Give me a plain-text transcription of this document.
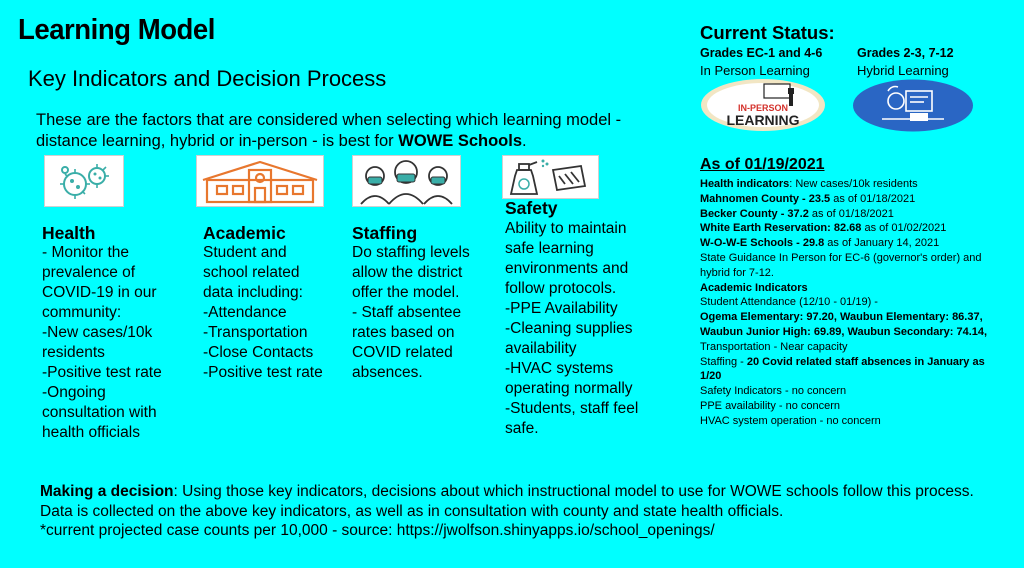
Learning Model
Key Indicators and Decision Process
These are the factors that are considered when selecting which learning model - distance learning, hybrid or in-person - is best for WOWE Schools.
Health
- Monitor the
prevalence of
COVID-19 in our
community:
-New cases/10k
residents
-Positive test rate
-Ongoing
consultation with
health officials
Academic
Student and
school related
data including:
-Attendance
-Transportation
-Close Contacts
-Positive test rate
Staffing
Do staffing levels
allow the district
offer the model.
- Staff absentee
rates based on
COVID related
absences.
Safety
Ability to maintain
safe learning
environments and
follow protocols.
-PPE Availability
-Cleaning supplies
availability
-HVAC systems
operating normally
-Students, staff feel
safe.
Making a decision: Using those key indicators, decisions about which instructional model to use for WOWE schools follow this process. Data is collected on the above key indicators, as well as in consultation with county and state health officials.
*current projected case counts per 10,000 - source: https://jwolfson.shinyapps.io/school_openings/
Current Status:
Grades EC-1 and 4-6
In Person Learning
Grades 2-3, 7-12
Hybrid Learning
IN-PERSON
LEARNING
As of 01/19/2021
Health indicators: New cases/10k residents
Mahnomen County - 23.5 as of 01/18/2021
Becker County - 37.2 as of 01/18/2021
White Earth Reservation: 82.68 as of 01/02/2021
W-O-W-E Schools - 29.8 as of January 14, 2021
State Guidance In Person for EC-6 (governor's order) and hybrid for 7-12.
Academic Indicators
Student Attendance (12/10 - 01/19) -
Ogema Elementary: 97.20, Waubun Elementary: 86.37, Waubun Junior High: 69.89, Waubun Secondary: 74.14,
Transportation - Near capacity
Staffing - 20 Covid related staff absences in January as 1/20
Safety Indicators - no concern
PPE availability - no concern
HVAC system operation - no concern
